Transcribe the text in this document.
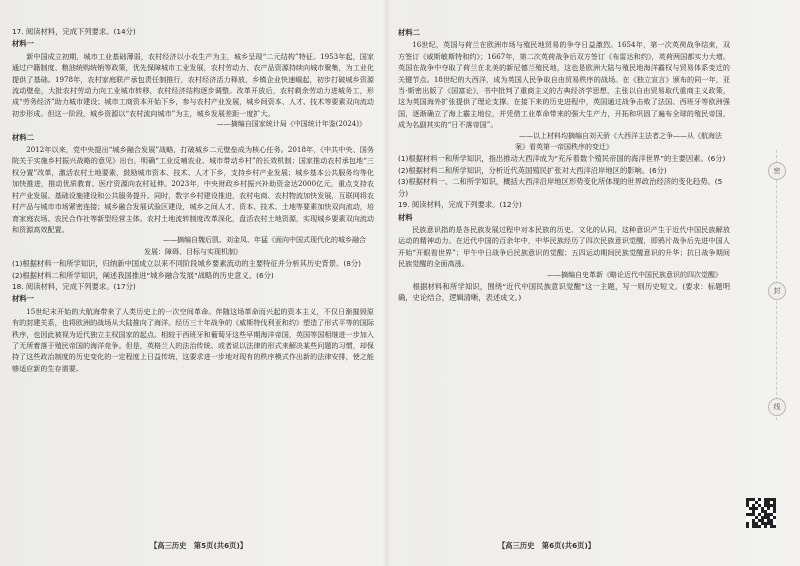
17. 阅读材料，完成下列要求。(14分)

材料一

新中国成立初期，城市工业基础薄弱，农村经济以小农生产为主，城乡呈现“二元结构”特征。1953年起，国家通过户籍制度、粮油统购统销等政策，优先保障城市工业发展，农村劳动力、农产品资源持续向城市聚集，为工业化提供了基础。1978年，农村家庭联产承包责任制推行，农村经济活力释放，乡镇企业快速崛起，初步打破城乡资源流动壁垒，大批农村劳动力向工业城市转移，农村经济结构逐步调整。改革开放后，农村剩余劳动力进城务工，形成“劳务经济”助力城市建设；城市工商资本开始下乡，参与农村产业发展，城乡间资本、人才、技术等要素双向流动初步形成。但这一阶段，城乡资源以“农村流向城市”为主，城乡发展差距一度扩大。

——摘编自国家统计局《中国统计年鉴(2024)》

材料二

2012年以来，党中央提出“城乡融合发展”战略，打破城乡二元壁垒成为核心任务。2018年，《中共中央、国务院关于实施乡村振兴战略的意见》出台，明确“工业反哺农业、城市带动乡村”的长效机制；国家推动农村承包地“三权分置”改革，激活农村土地要素，鼓励城市资本、技术、人才下乡，支持乡村产业发展；城乡基本公共服务均等化加快推进，推动优质教育、医疗资源向农村延伸。2023年，中央财政乡村振兴补助资金达2000亿元，重点支持农村产业发展、基础设施建设和公共服务提升。同时，数字乡村建设推进，农村电商、农村物流加快发展，互联网将农村产品与城市市场紧密连接；城乡融合发展试验区建设，城乡之间人才、资本、技术、土地等要素加快双向流动，培育家庭农场、农民合作社等新型经营主体。农村土地流转制度改革深化，盘活农村土地资源，实现城乡要素双向流动和资源高效配置。

——摘编自魏后凯、刘金凤、年猛《面向中国式现代化的城乡融合

发展：障碍、目标与实现机制》

(1)根据材料一和所学知识，归纳新中国成立以来不同阶段城乡要素流动的主要特征并分析其历史背景。(8分)

(2)根据材料二和所学知识，阐述我国推进“城乡融合发展”战略的历史意义。(6分)

18. 阅读材料，完成下列要求。(17分)

材料一

15世纪末开始的大航海带来了人类历史上的一次空间革命。伴随这场革命而兴起的资本主义，不仅日渐摧毁原有的封建关系，也将欧洲的战场从大陆推向了海洋。经历三十年战争的《威斯特伐利亚和约》塑造了形式平等的国际秩序，也因此被视为近代独立主权国家的起点。相较于西班牙和葡萄牙这些早期海洋帝国，英国等国相继进一步加入了无所着落于殖民帝国的海洋竞争。但是，英格兰人的法治传统、或者说以法律的形式来解决某些问题的习惯，却保持了这些政治制度的历史变化的一定程度上日益传统，这要求进一步地对现有的秩序模式作出新的法律安排，使之能够适应新的生存需要。

【高三历史　第5页(共6页)】

材料二

16世纪，英国与荷兰在欧洲市场与殖民地贸易的争夺日益激烈。1654年，第一次英荷战争结束，双方签订《威斯敏斯特和约》；1667年，第二次英荷战争后双方签订《布雷达和约》，英荷两国都实力大增。英国在战争中夺取了荷兰在北美的新尼德兰殖民地，这也是欧洲大陆与殖民地海洋霸权与贸易体系变迁的关键节点。18世纪的大西洋，成为英国人民争取自由贸易秩序的战场。在《独立宣言》颁布的同一年，亚当·斯密出版了《国富论》，书中批判了重商主义的古典经济学思想，主张以自由贸易取代重商主义政策，这为英国海外扩张提供了理论支撑。在接下来的历史进程中，英国通过战争击败了法国、西班牙等欧洲强国，逐渐确立了海上霸主地位，并凭借工业革命带来的强大生产力，开拓和巩固了遍布全球的殖民帝国，成为名副其实的“日不落帝国”。

——以上材料均摘编自刘天骄《大西洋主法者之争——从《航海法

案》看英第一帝国秩序的变迁》

(1)根据材料一和所学知识，指出推动大西洋成为“充斥着数个殖民帝国的海洋世界”的主要因素。(6分)

(2)根据材料二和所学知识，分析近代英国殖民扩张对大西洋沿岸地区的影响。(6分)

(3)根据材料一、二和所学知识，概括大西洋沿岸地区形势变化所体现的世界政治经济的变化趋势。(5分)

19. 阅读材料，完成下列要求。(12分)

材料

民族意识指的是各民族发展过程中对本民族的历史、文化的认同，这种意识产生于近代中国民族解放运动的精神动力。在近代中国的百余年中，中华民族经历了四次民族意识觉醒，即鸦片战争后先进中国人开始“开眼看世界”；甲午中日战争后民族意识的觉醒；五四运动期间民族觉醒意识的升华；抗日战争期间民族觉醒的全面高涨。

——摘编自史革新《略论近代中国民族意识的四次觉醒》

根据材料和所学知识，围绕“近代中国民族意识觉醒”这一主题，写一则历史短文。(要求：标题明确，史论结合，逻辑清晰，表述成文。)

【高三历史　第6页(共6页)】
密
封
线
